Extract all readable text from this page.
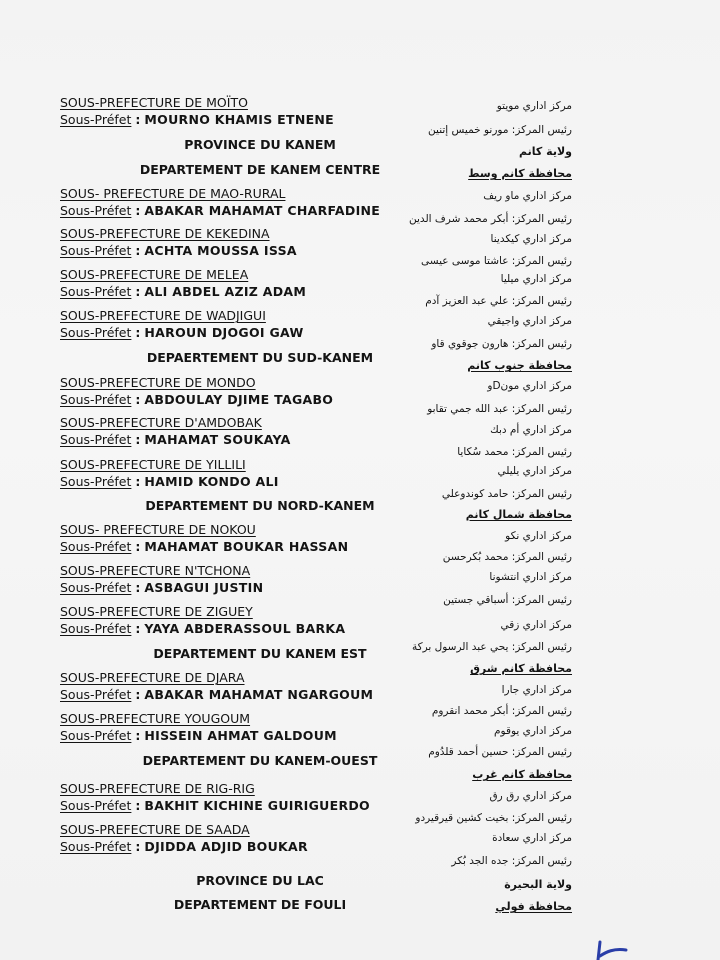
SOUS-PREFECTURE DE MOÏTO
Sous-Préfet : MOURNO KHAMIS ETNENE
PROVINCE DU KANEM
DEPARTEMENT DE KANEM CENTRE
SOUS- PREFECTURE DE MAO-RURAL
Sous-Préfet : ABAKAR MAHAMAT CHARFADINE
SOUS-PREFECTURE DE KEKEDINA
Sous-Préfet : ACHTA MOUSSA ISSA
SOUS-PREFECTURE DE MELEA
Sous-Préfet : ALI ABDEL AZIZ ADAM
SOUS-PREFECTURE DE WADJIGUI
Sous-Préfet : HAROUN DJOGOI GAW
DEPAERTEMENT DU SUD-KANEM
SOUS-PREFECTURE DE MONDO
Sous-Préfet : ABDOULAY DJIME TAGABO
SOUS-PREFECTURE D'AMDOBAK
Sous-Préfet : MAHAMAT SOUKAYA
SOUS-PREFECTURE DE YILLILI
Sous-Préfet : HAMID KONDO ALI
DEPARTEMENT DU NORD-KANEM
SOUS- PREFECTURE DE NOKOU
Sous-Préfet : MAHAMAT BOUKAR HASSAN
SOUS-PREFECTURE N'TCHONA
Sous-Préfet : ASBAGUI JUSTIN
SOUS-PREFECTURE DE ZIGUEY
Sous-Préfet : YAYA ABDERASSOUL BARKA
DEPARTEMENT DU KANEM EST
SOUS-PREFECTURE DE DJARA
Sous-Préfet : ABAKAR MAHAMAT NGARGOUM
SOUS-PREFECTURE YOUGOUM
Sous-Préfet : HISSEIN AHMAT GALDOUM
DEPARTEMENT DU KANEM-OUEST
SOUS-PREFECTURE DE RIG-RIG
Sous-Préfet : BAKHIT KICHINE GUIRIGUERDO
SOUS-PREFECTURE DE SAADA
Sous-Préfet : DJIDDA ADJID BOUKAR
PROVINCE DU LAC
DEPARTEMENT DE FOULI
مركز اداري مويتو
رئيس المركز: مورنو خميس إتنين
ولاية كانم
محافظة كانم وسط
مركز اداري ماو ريف
رئيس المركز: أبكر محمد شرف الدين
مركز اداري كيكدينا
رئيس المركز: عاشتا موسى عيسى
مركز اداري ميليا
رئيس المركز: علي عبد العزيز آدم
مركز اداري واجيقي
رئيس المركز: هارون جوقوي قاو
محافظة جنوب كانم
مركز اداري مونDو
رئيس المركز: عبد الله جمي تقابو
مركز اداري أم دبك
رئيس المركز: محمد سُكايا
مركز اداري يليلي
رئيس المركز: حامد كوندوعلي
محافظة شمال كانم
مركز اداري نكو
رئيس المركز: محمد بُكرحسن
مركز اداري انتشونا
رئيس المركز: أسباقي جستين
مركز اداري زقي
رئيس المركز: يحي عبد الرسول بركة
محافظة كانم شرق
مركز اداري جارا
رئيس المركز: أبكر محمد انقروم
مركز اداري يوقوم
رئيس المركز: حسين أحمد قلدُوم
محافظة كانم غرب
مركز اداري رق رق
رئيس المركز: بخيت كشين قيرقيردو
مركز اداري سعادة
رئيس المركز: جده الجد بُكر
ولاية البحيرة
محافظة فولي
